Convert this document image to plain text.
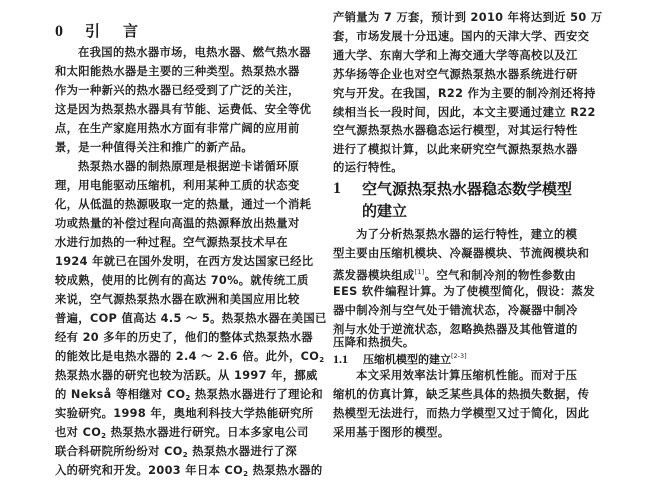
0 引 言
在我国的热水器市场，电热水器、燃气热水器
和太阳能热水器是主要的三种类型。热泵热水器
作为一种新兴的热水器已经受到了广泛的关注，
这是因为热泵热水器具有节能、运费低、安全等优
点，在生产家庭用热水方面有非常广阔的应用前
景，是一种值得关注和推广的新产品。
热泵热水器的制热原理是根据逆卡诺循环原
理，用电能驱动压缩机，利用某种工质的状态变
化，从低温的热源吸取一定的热量，通过一个消耗
功或热量的补偿过程向高温的热源释放出热量对
水进行加热的一种过程。空气源热泵技术早在
1924 年就已在国外发明，在西方发达国家已经比
较成熟，使用的比例有的高达 70%。就传统工质
来说，空气源热泵热水器在欧洲和美国应用比较
普遍，COP 值高达 4.5 ～ 5。热泵热水器在美国已
经有 20 多年的历史了，他们的整体式热泵热水器
的能效比是电热水器的 2.4 ～ 2.6 倍。此外，$CO_2$
热泵热水器的研究也较为活跃。从 1997 年，挪威
的 Nekså 等相继对 $CO_2$ 热泵热水器进行了理论和
实验研究。1998 年，奥地利科技大学热能研究所
也对 $CO_2$ 热泵热水器进行研究。日本多家电公司
联合科研院所纷纷对 $CO_2$ 热泵热水器进行了深
入的研究和开发。2003 年日本 $CO_2$ 热泵热水器的
产销量为 7 万套，预计到 2010 年将达到近 50 万
套，市场发展十分迅速。国内的天津大学、西安交
通大学、东南大学和上海交通大学等高校以及江
苏华扬等企业也对空气源热泵热水器系统进行研
究与开发。在我国，R22 作为主要的制冷剂还将持
续相当长一段时间，因此，本文主要通过建立 R22
空气源热泵热水器稳态运行模型，对其运行特性
进行了模拟计算，以此来研究空气源热泵热水器
的运行特性。
1 空气源热泵热水器稳态数学模型
的建立
为了分析热泵热水器的运行特性，建立的模
型主要由压缩机模块、冷凝器模块、节流阀模块和
蒸发器模块组成[1]。空气和制冷剂的物性参数由
EES 软件编程计算。为了使模型简化，假设：蒸发
器中制冷剂与空气处于错流状态，冷凝器中制冷
剂与水处于逆流状态，忽略换热器及其他管道的
压降和热损失。
1.1 压缩机模型的建立[2-3]
本文采用效率法计算压缩机性能。而对于压
缩机的仿真计算，缺乏某些具体的热损失数据，传
热模型无法进行，而热力学模型又过于简化，因此
采用基于图形的模型。
